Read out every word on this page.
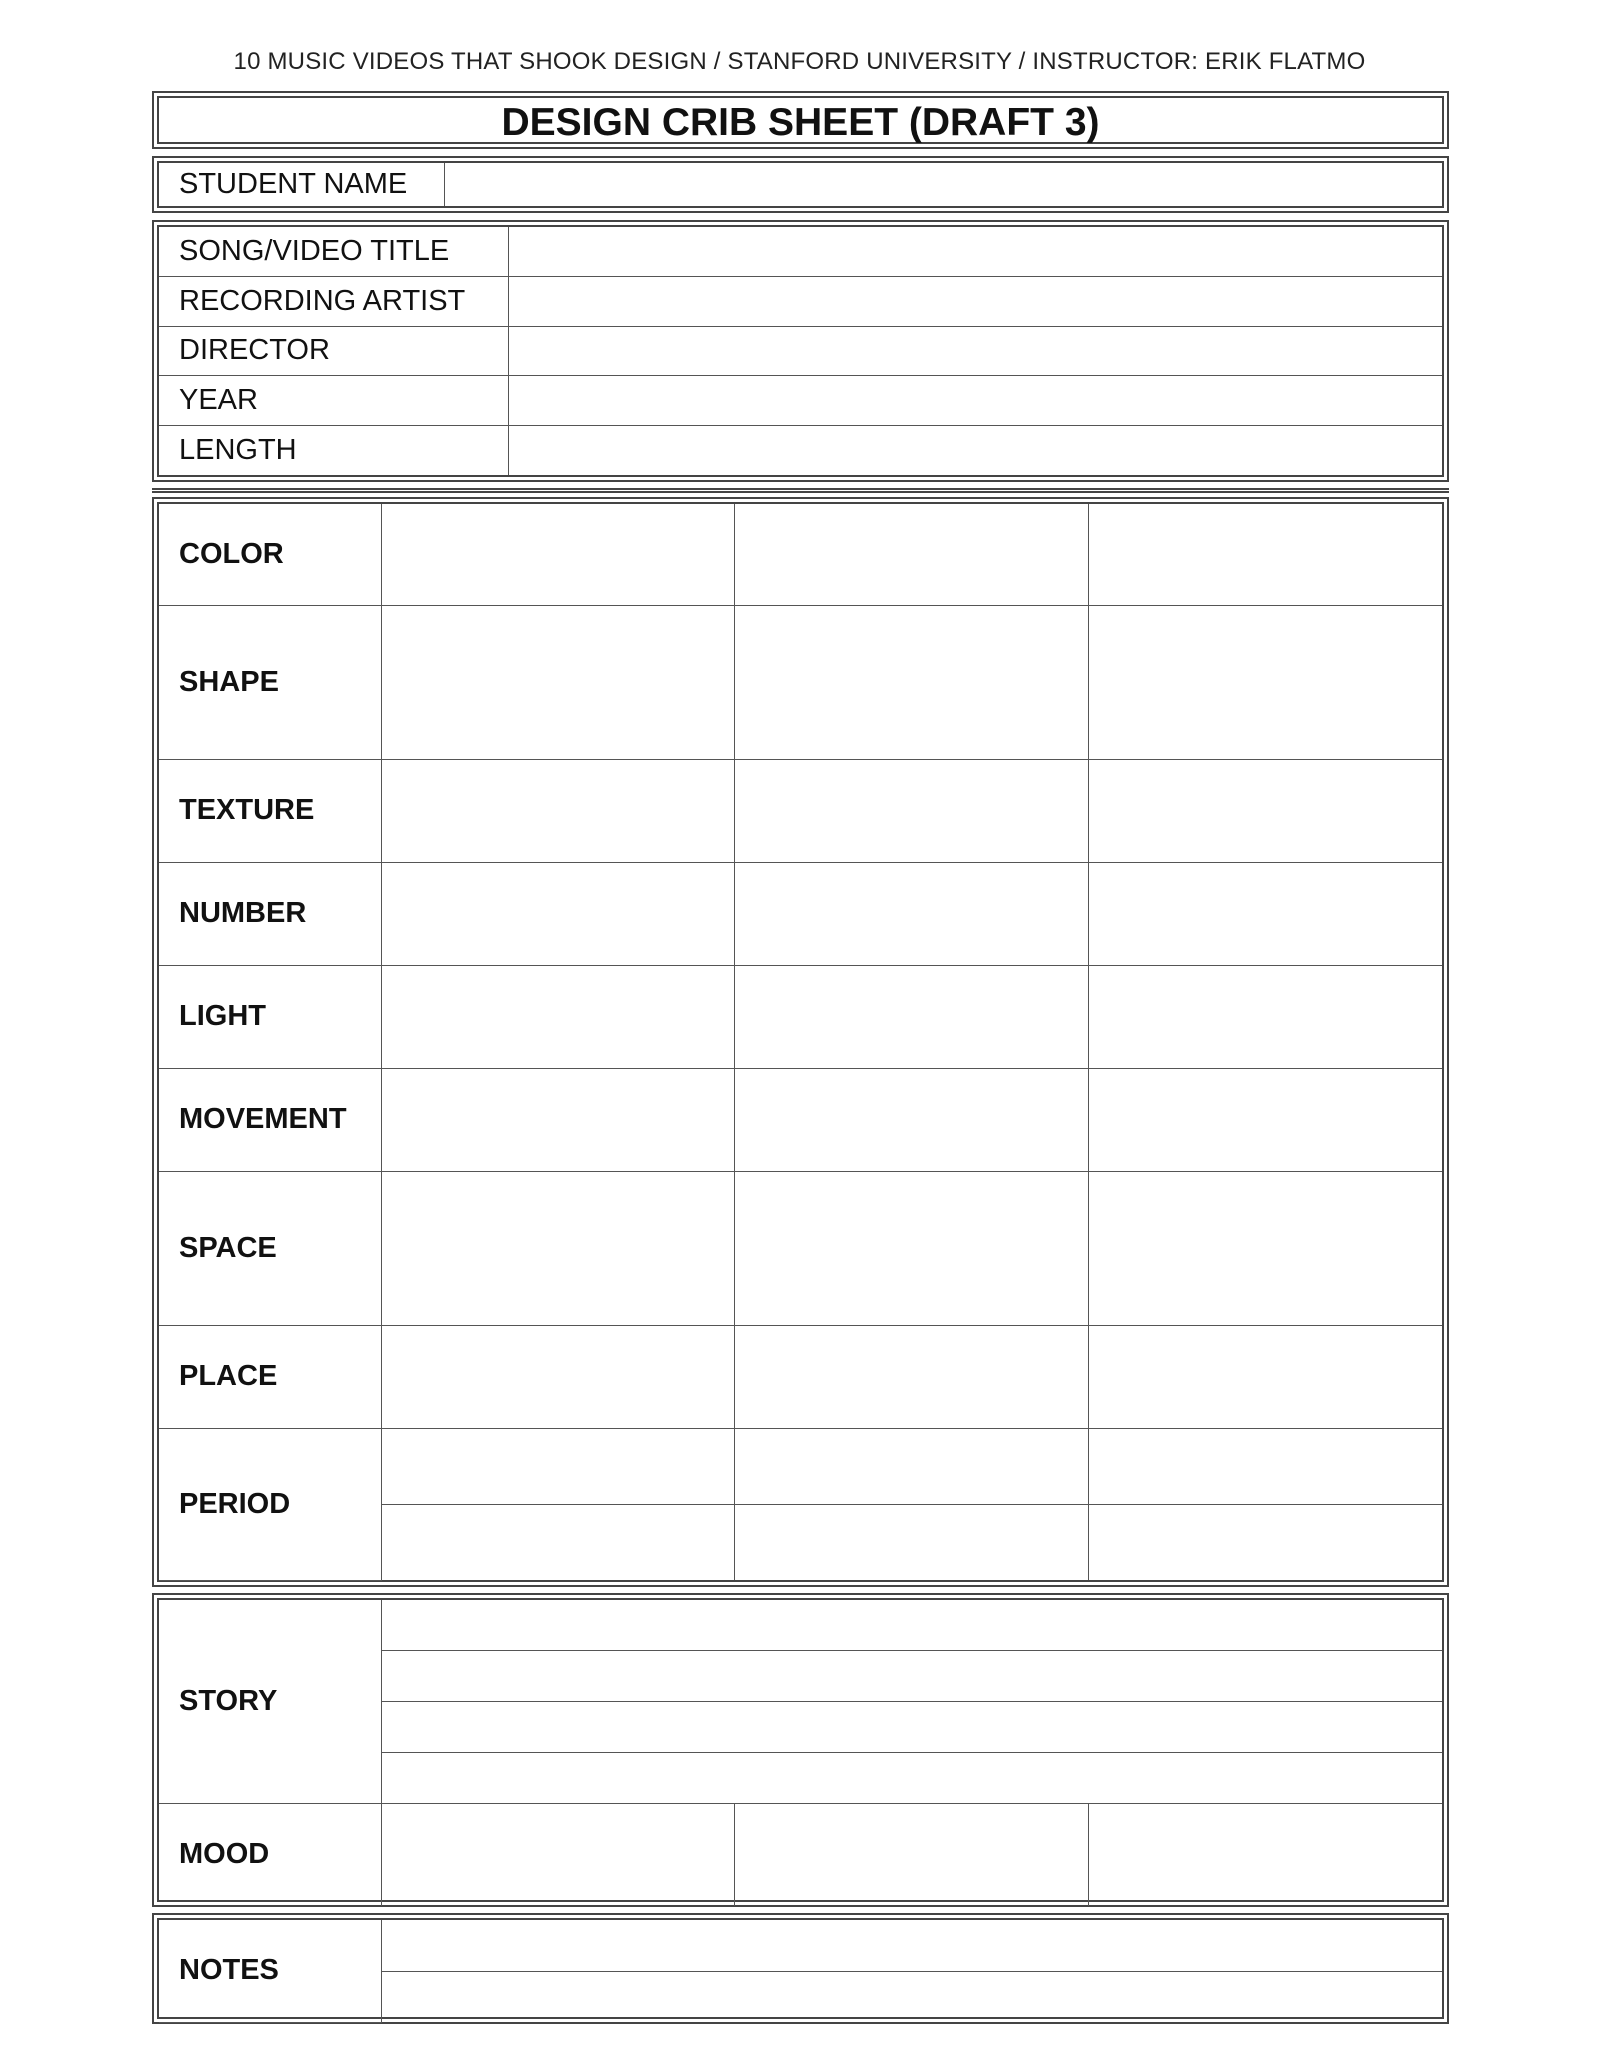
10 MUSIC VIDEOS THAT SHOOK DESIGN / STANFORD UNIVERSITY / INSTRUCTOR: ERIK FLATMO
DESIGN CRIB SHEET (DRAFT 3)
STUDENT NAME	
SONG/VIDEO TITLE	
RECORDING ARTIST	
DIRECTOR	
YEAR	
LENGTH	
COLOR			
SHAPE			
TEXTURE			
NUMBER			
LIGHT			
MOVEMENT			
SPACE			
PLACE			
PERIOD			

STORY			

MOOD			
NOTES	
